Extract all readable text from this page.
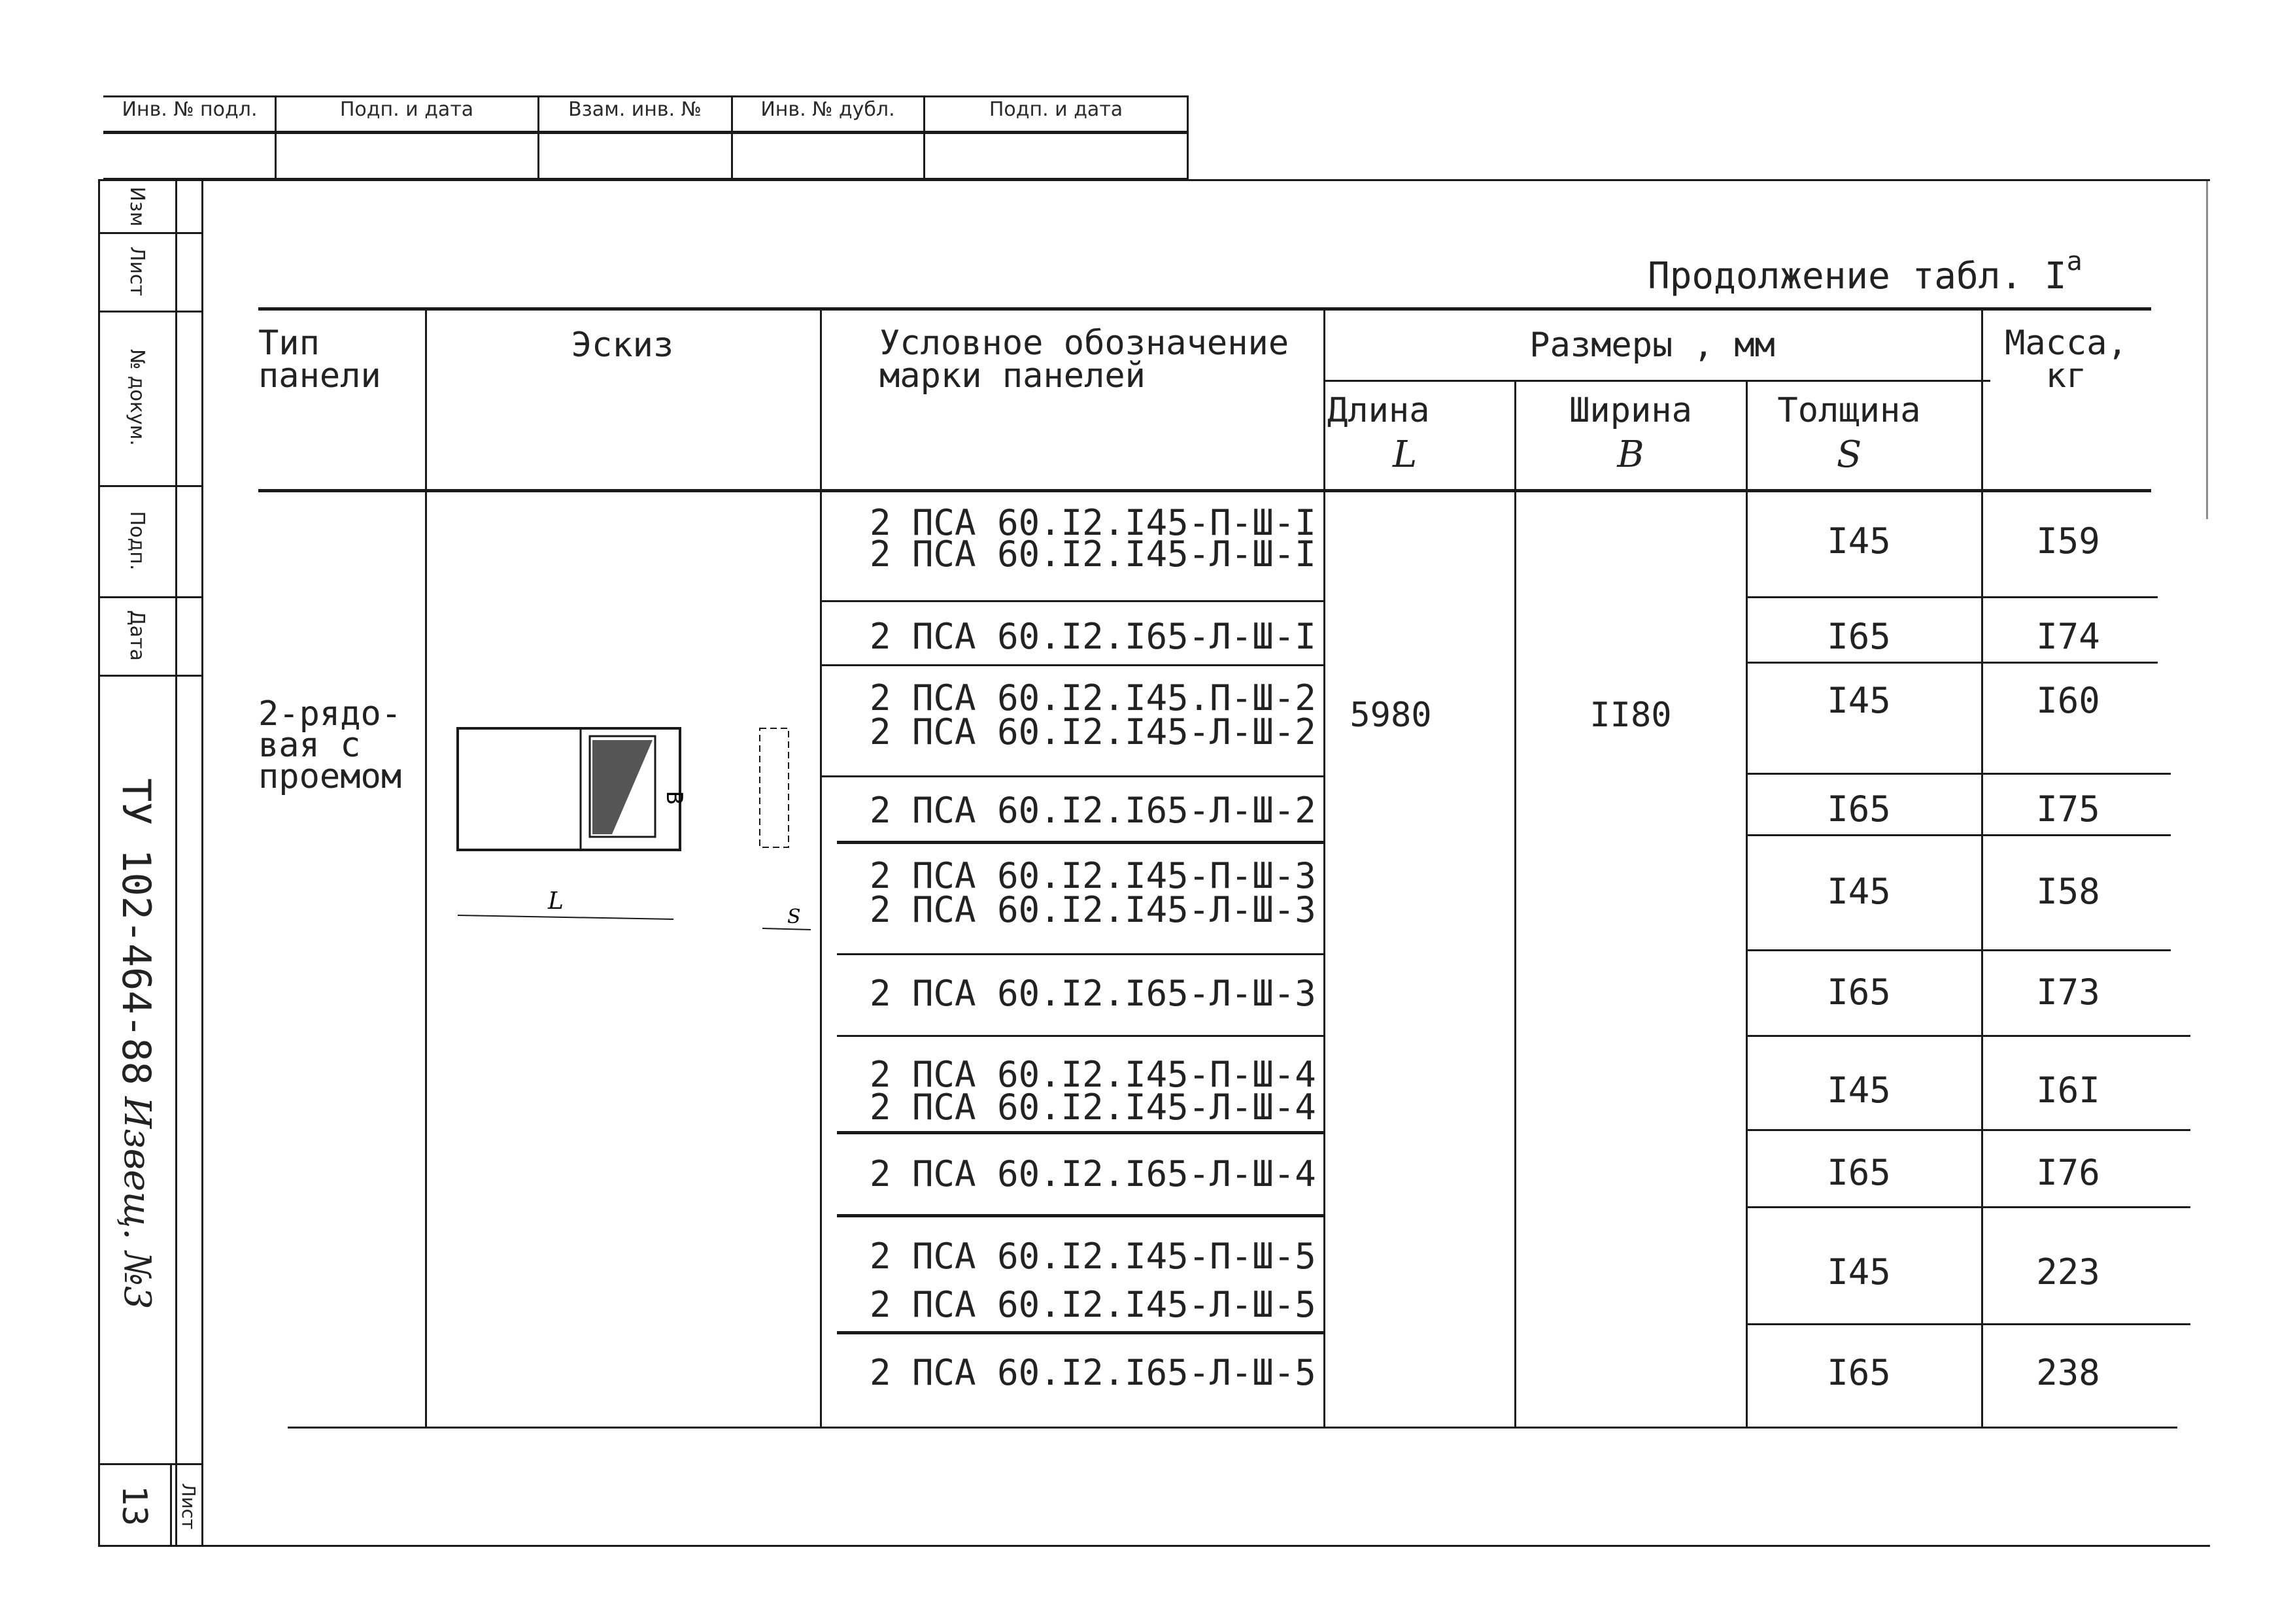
Инв. № подл.	Подп. и дата	Взам. инв. №	Инв. № дубл.	Подп. и дата
Изм
Лист
№ докум.
Подп.
Дата
ТУ 102-464-88
Извещ. №3
13 Лист
Продолжение табл. $I^а$
Тип панели
Эскиз	Условное обозначение марки панелей
Размеры , мм	Масса, кг
Длина
L
Ширина
B
Толщина
S
2-рядо-вая с проемом
5980	II80
B
L
S
2 ПСА 60.I2.I45-П-Ш-I
2 ПСА 60.I2.I45-Л-Ш-I	I45	I59
2 ПСА 60.I2.I65-Л-Ш-I	I65	I74
2 ПСА 60.I2.I45.П-Ш-2
2 ПСА 60.I2.I45-Л-Ш-2
I45	I60
2 ПСА 60.I2.I65-Л-Ш-2	I65	I75
2 ПСА 60.I2.I45-П-Ш-3
2 ПСА 60.I2.I45-Л-Ш-3	I45	I58
2 ПСА 60.I2.I65-Л-Ш-3	I65	I73
2 ПСА 60.I2.I45-П-Ш-4
2 ПСА 60.I2.I45-Л-Ш-4	I45	I6I
2 ПСА 60.I2.I65-Л-Ш-4	I65	I76
2 ПСА 60.I2.I45-П-Ш-5
2 ПСА 60.I2.I45-Л-Ш-5
I45	223
2 ПСА 60.I2.I65-Л-Ш-5	I65	238
